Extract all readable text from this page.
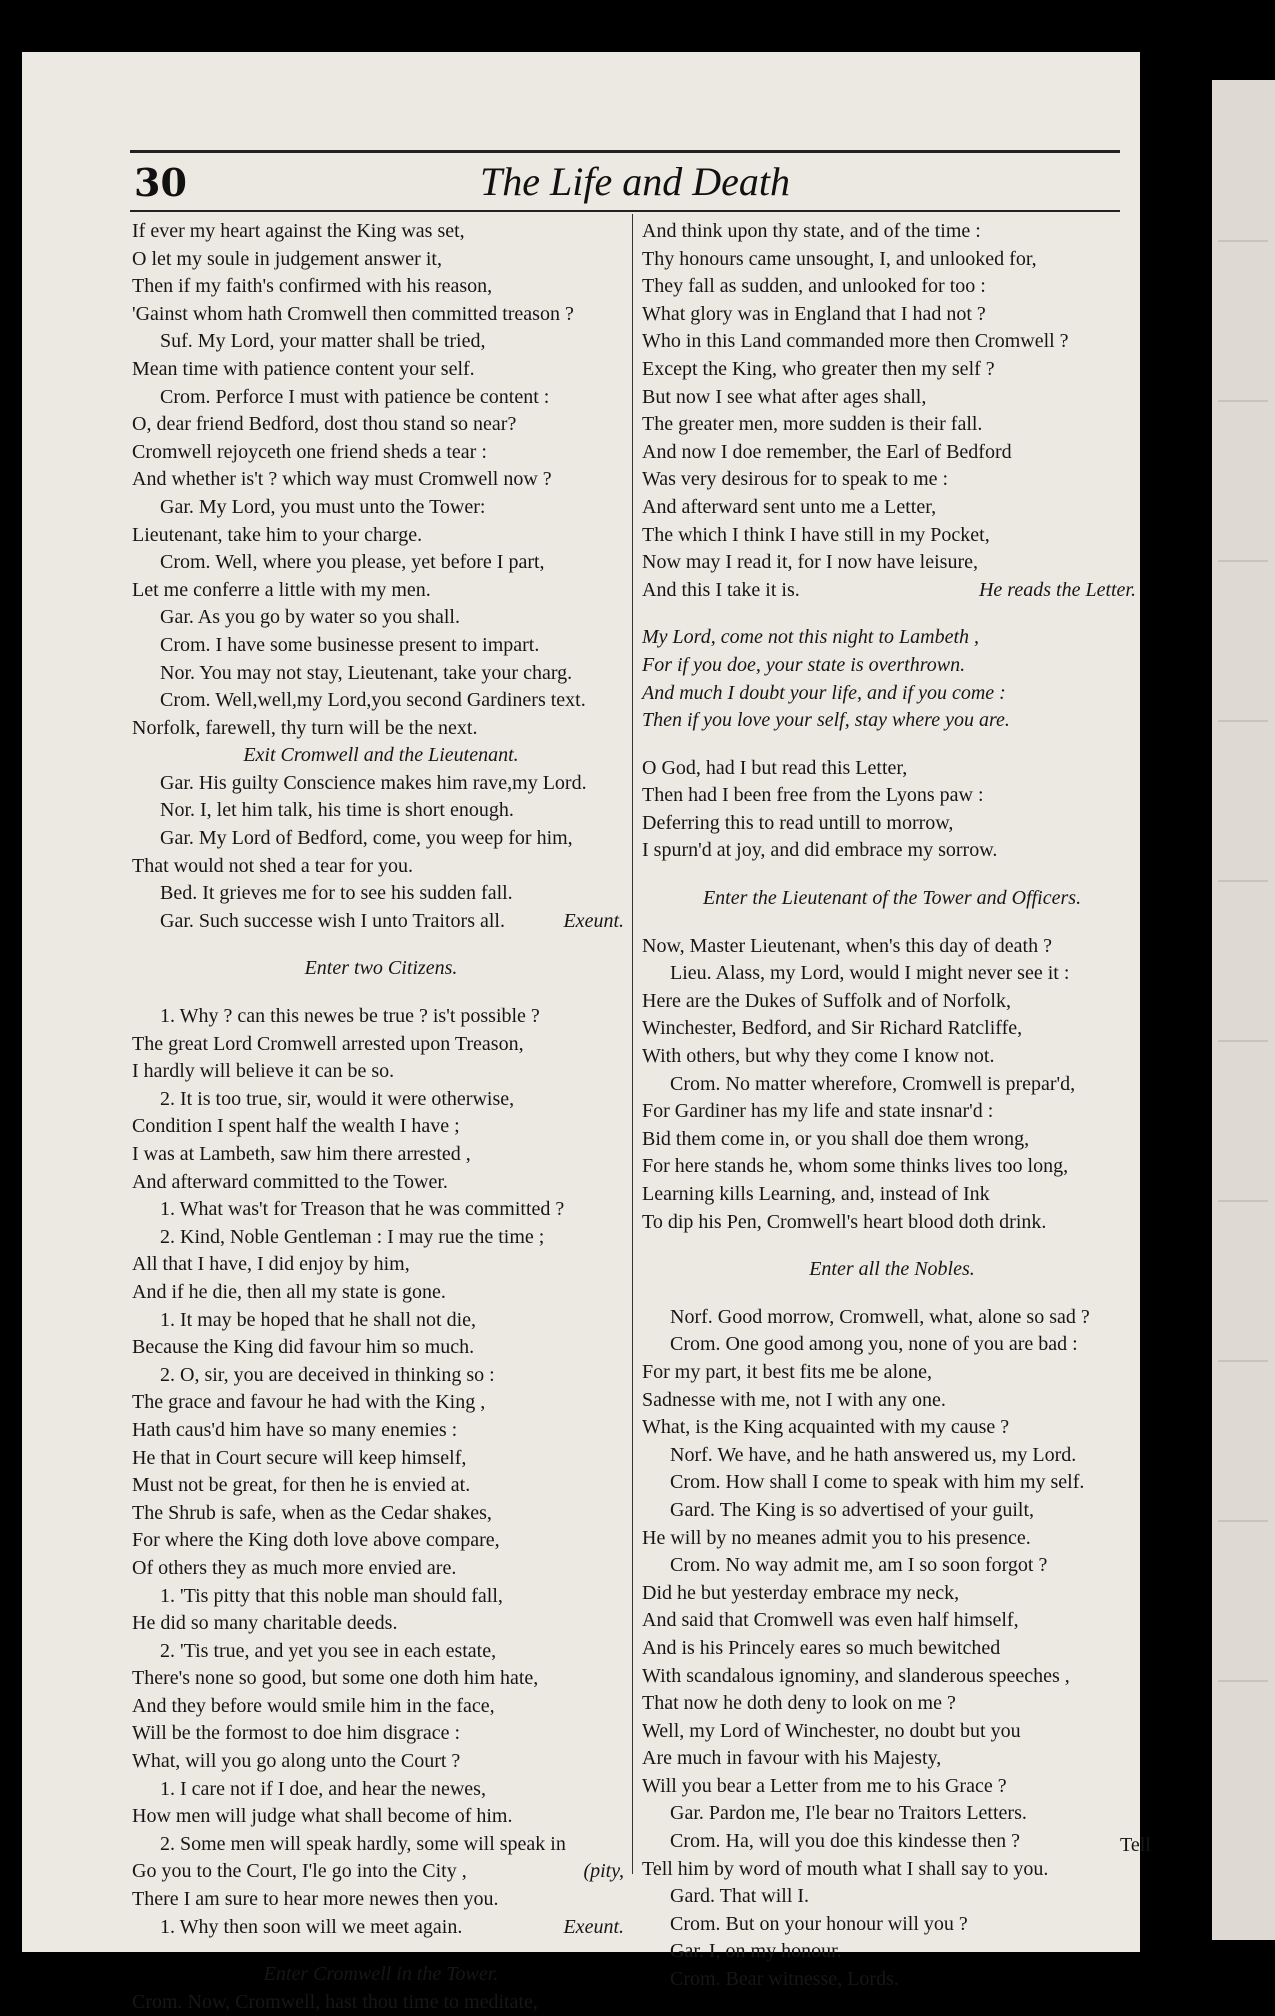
30	The Life and Death
If ever my heart against the King was set,
O let my soule in judgement answer it,
Then if my faith's confirmed with his reason,
'Gainst whom hath Cromwell then committed treason ?
Suf. My Lord, your matter shall be tried,
Mean time with patience content your self.
Crom. Perforce I must with patience be content :
O, dear friend Bedford, dost thou stand so near?
Cromwell rejoyceth one friend sheds a tear :
And whether is't ? which way must Cromwell now ?
Gar. My Lord, you must unto the Tower:
Lieutenant, take him to your charge.
Crom. Well, where you please, yet before I part,
Let me conferre a little with my men.
Gar. As you go by water so you shall.
Crom. I have some businesse present to impart.
Nor. You may not stay, Lieutenant, take your charg.
Crom. Well,well,my Lord,you second Gardiners text.
Norfolk, farewell, thy turn will be the next.
Exit Cromwell and the Lieutenant.
Gar. His guilty Conscience makes him rave,my Lord.
Nor. I, let him talk, his time is short enough.
Gar. My Lord of Bedford, come, you weep for him,
That would not shed a tear for you.
Bed. It grieves me for to see his sudden fall.
Gar. Such successe wish I unto Traitors all.	Exeunt.
Enter two Citizens.
1. Why ? can this newes be true ? is't possible ?
The great Lord Cromwell arrested upon Treason,
I hardly will believe it can be so.
2. It is too true, sir, would it were otherwise,
Condition I spent half the wealth I have ;
I was at Lambeth, saw him there arrested ,
And afterward committed to the Tower.
1. What was't for Treason that he was committed ?
2. Kind, Noble Gentleman : I may rue the time ;
All that I have, I did enjoy by him,
And if he die, then all my state is gone.
1. It may be hoped that he shall not die,
Because the King did favour him so much.
2. O, sir, you are deceived in thinking so :
The grace and favour he had with the King ,
Hath caus'd him have so many enemies :
He that in Court secure will keep himself,
Must not be great, for then he is envied at.
The Shrub is safe, when as the Cedar shakes,
For where the King doth love above compare,
Of others they as much more envied are.
1. 'Tis pitty that this noble man should fall,
He did so many charitable deeds.
2. 'Tis true, and yet you see in each estate,
There's none so good, but some one doth him hate,
And they before would smile him in the face,
Will be the formost to doe him disgrace :
What, will you go along unto the Court ?
1. I care not if I doe, and hear the newes,
How men will judge what shall become of him.
2. Some men will speak hardly, some will speak in
Go you to the Court, I'le go into the City ,	(pity,
There I am sure to hear more newes then you.
1. Why then soon will we meet again.	Exeunt.
Enter Cromwell in the Tower.
Crom. Now, Cromwell, hast thou time to meditate,
And think upon thy state, and of the time :
Thy honours came unsought, I, and unlooked for,
They fall as sudden, and unlooked for too :
What glory was in England that I had not ?
Who in this Land commanded more then Cromwell ?
Except the King, who greater then my self ?
But now I see what after ages shall,
The greater men, more sudden is their fall.
And now I doe remember, the Earl of Bedford
Was very desirous for to speak to me :
And afterward sent unto me a Letter,
The which I think I have still in my Pocket,
Now may I read it, for I now have leisure,
And this I take it is.	He reads the Letter.
My Lord, come not this night to Lambeth ,
For if you doe, your state is overthrown.
And much I doubt your life, and if you come :
Then if you love your self, stay where you are.
O God, had I but read this Letter,
Then had I been free from the Lyons paw :
Deferring this to read untill to morrow,
I spurn'd at joy, and did embrace my sorrow.
Enter the Lieutenant of the Tower and Officers.
Now, Master Lieutenant, when's this day of death ?
Lieu. Alass, my Lord, would I might never see it :
Here are the Dukes of Suffolk and of Norfolk,
Winchester, Bedford, and Sir Richard Ratcliffe,
With others, but why they come I know not.
Crom. No matter wherefore, Cromwell is prepar'd,
For Gardiner has my life and state insnar'd :
Bid them come in, or you shall doe them wrong,
For here stands he, whom some thinks lives too long,
Learning kills Learning, and, instead of Ink
To dip his Pen, Cromwell's heart blood doth drink.
Enter all the Nobles.
Norf. Good morrow, Cromwell, what, alone so sad ?
Crom. One good among you, none of you are bad :
For my part, it best fits me be alone,
Sadnesse with me, not I with any one.
What, is the King acquainted with my cause ?
Norf. We have, and he hath answered us, my Lord.
Crom. How shall I come to speak with him my self.
Gard. The King is so advertised of your guilt,
He will by no meanes admit you to his presence.
Crom. No way admit me, am I so soon forgot ?
Did he but yesterday embrace my neck,
And said that Cromwell was even half himself,
And is his Princely eares so much bewitched
With scandalous ignominy, and slanderous speeches ,
That now he doth deny to look on me ?
Well, my Lord of Winchester, no doubt but you
Are much in favour with his Majesty,
Will you bear a Letter from me to his Grace ?
Gar. Pardon me, I'le bear no Traitors Letters.
Crom. Ha, will you doe this kindesse then ?
Tell him by word of mouth what I shall say to you.
Gard. That will I.
Crom. But on your honour will you ?
Gar. I, on my honour.
Crom. Bear witnesse, Lords.
Tell
